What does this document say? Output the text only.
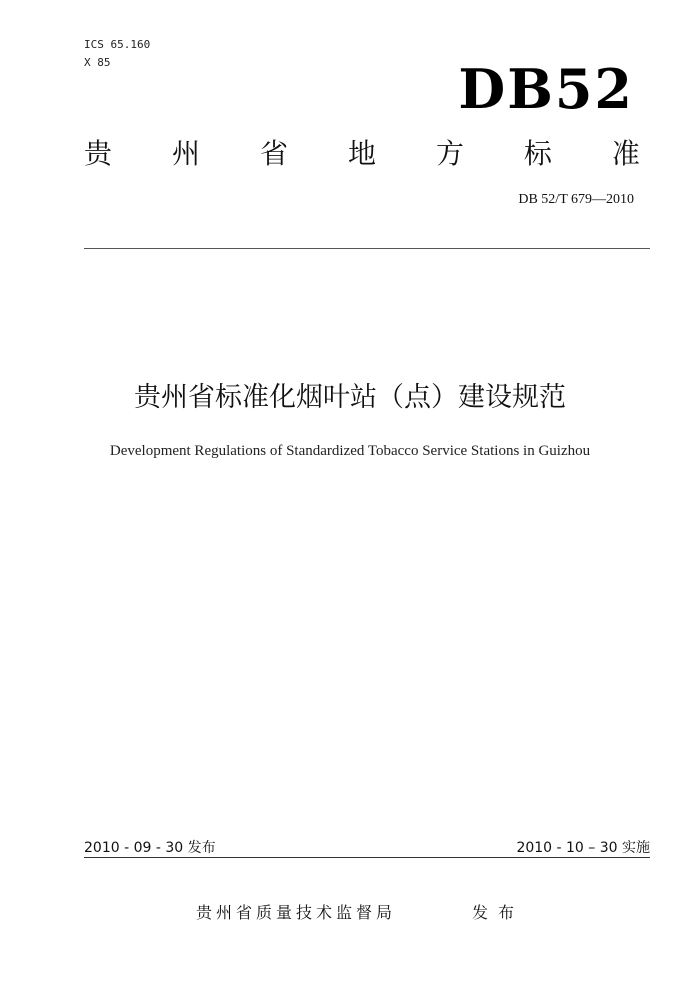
ICS 65.160
X 85	DB52
贵 州 省 地 方 标 准
DB 52/T 679—2010
贵州省标准化烟叶站（点）建设规范
Development Regulations of Standardized Tobacco Service Stations in Guizhou
2010 - 09 - 30 发布	2010 - 10 – 30 实施
贵州省质量技术监督局	发布
